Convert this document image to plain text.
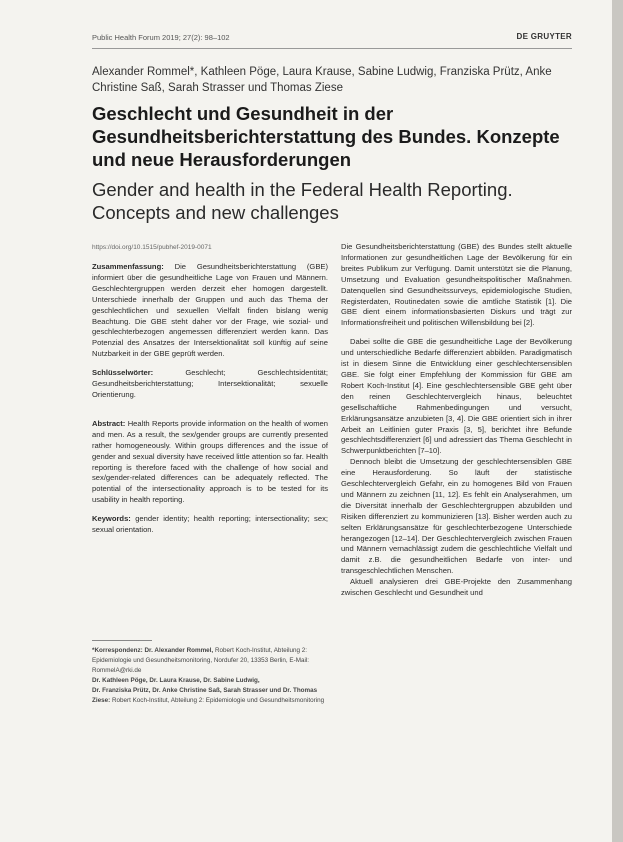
Public Health Forum 2019; 27(2): 98–102	DE GRUYTER
Alexander Rommel*, Kathleen Pöge, Laura Krause, Sabine Ludwig, Franziska Prütz, Anke Christine Saß, Sarah Strasser und Thomas Ziese
Geschlecht und Gesundheit in der Gesundheitsberichterstattung des Bundes. Konzepte und neue Herausforderungen
Gender and health in the Federal Health Reporting. Concepts and new challenges
https://doi.org/10.1515/pubhef-2019-0071

Zusammenfassung: Die Gesundheitsberichterstattung (GBE) informiert über die gesundheitliche Lage von Frauen und Männern. Geschlechtergruppen werden derzeit eher homogen dargestellt. Unterschiede innerhalb der Gruppen und auch das Thema der geschlechtlichen und sexuellen Vielfalt finden bislang wenig Beachtung. Die GBE steht daher vor der Frage, wie sozial- und geschlechterbezogen angemessen differenziert werden kann. Das Potenzial des Ansatzes der Intersektionalität soll künftig auf seine Nutzbarkeit in der GBE geprüft werden.

Schlüsselwörter:	Geschlecht; Geschlechtsidentität; Gesundheitsberichterstattung; Intersektionalität; sexuelle Orientierung.

Abstract: Health Reports provide information on the health of women and men. As a result, the sex/gender groups are currently presented rather homogeneously. Within groups differences and the issue of gender and sexual diversity have received little attention so far. Health reporting is therefore faced with the challenge of how social and sex/gender-related differences can be adequately reflected. The potential of the intersectionality approach is to be tested for its usability in health reporting.

Keywords: gender identity; health reporting; intersectionality; sex; sexual orientation.

*Korrespondenz: Dr. Alexander Rommel, Robert Koch-Institut, Abteilung 2: Epidemiologie und Gesundheitsmonitoring, Nordufer 20, 13353 Berlin, E-Mail: RommelA@rki.de
Dr. Kathleen Pöge, Dr. Laura Krause, Dr. Sabine Ludwig,
Dr. Franziska Prütz, Dr. Anke Christine Saß, Sarah Strasser und Dr. Thomas Ziese: Robert Koch-Institut, Abteilung 2: Epidemiologie und Gesundheitsmonitoring

Die Gesundheitsberichterstattung (GBE) des Bundes stellt aktuelle Informationen zur gesundheitlichen Lage der Bevölkerung für ein breites Publikum zur Verfügung. Damit unterstützt sie die Planung, Umsetzung und Evaluation gesundheitspolitischer Maßnahmen. Datenquellen sind Gesundheitssurveys, epidemiologische Studien, Registerdaten, Routinedaten sowie die amtliche Statistik [1]. Die GBE dient einem informationsbasierten Diskurs und trägt zur Informationsfreiheit und politischen Willensbildung bei [2].

Dabei sollte die GBE die gesundheitliche Lage der Bevölkerung und unterschiedliche Bedarfe differenziert abbilden. Paradigmatisch ist in diesem Sinne die Entwicklung einer geschlechtersensiblen GBE. Sie folgt einer Empfehlung der Kommission für GBE am Robert Koch-Institut [4]. Eine geschlechtersensible GBE geht über den reinen Geschlechtervergleich hinaus, beleuchtet gesellschaftliche Rahmenbedingungen und versucht, Erklärungsansätze anzubieten [3, 4]. Die GBE orientiert sich in ihrer Arbeit an Leitlinien guter Praxis [3, 5], berichtet ihre Befunde geschlechtsdifferenziert [6] und adressiert das Thema Geschlecht in Schwerpunktberichten [7–10].

Dennoch bleibt die Umsetzung der geschlechtersensiblen GBE eine Herausforderung. So läuft der statistische Geschlechtervergleich Gefahr, ein zu homogenes Bild von Frauen und Männern zu zeichnen [11, 12]. Es fehlt ein Analyserahmen, um die Diversität innerhalb der Geschlechtergruppen abzubilden und Risiken differenziert zu kommunizieren [13]. Bisher werden auch zu selten Erklärungsansätze für geschlechterbezogene Unterschiede herangezogen [12–14]. Der Geschlechtervergleich zwischen Frauen und Männern vernachlässigt zudem die geschlechtliche Vielfalt und damit z.B. die gesundheitlichen Bedarfe von inter- und transgeschlechtlichen Menschen.

Aktuell analysieren drei GBE-Projekte den Zusammenhang zwischen Geschlecht und Gesundheit und
